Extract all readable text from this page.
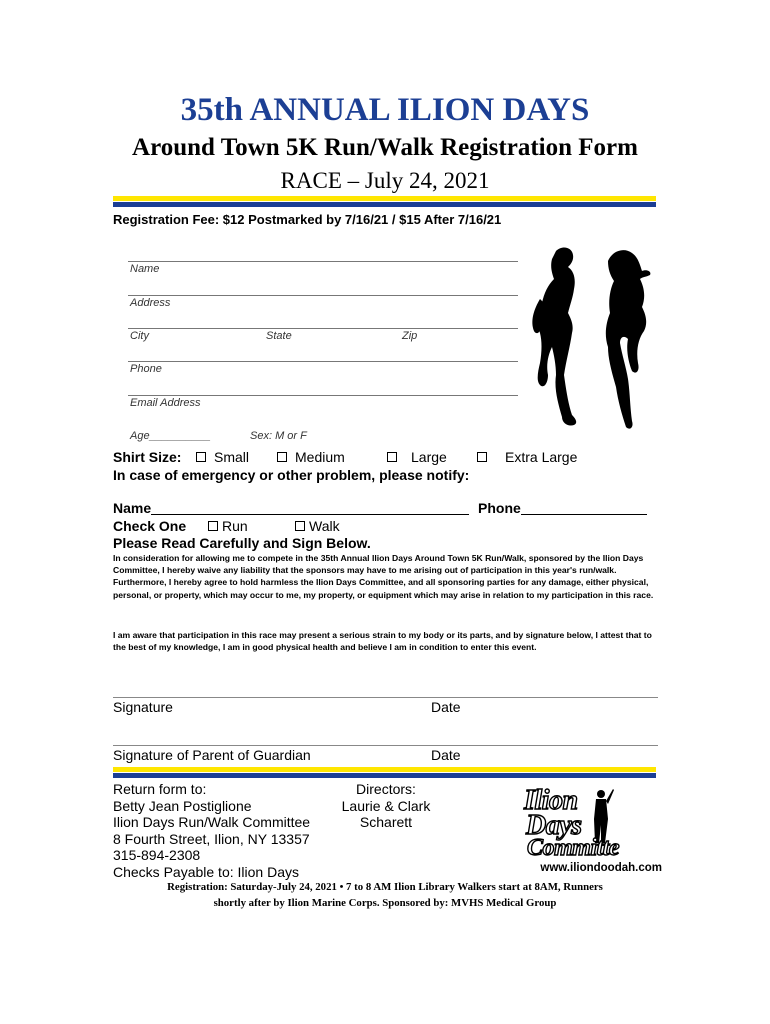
35th ANNUAL ILION DAYS
Around Town 5K Run/Walk Registration Form
RACE – July 24, 2021
Registration Fee: $12 Postmarked by 7/16/21 / $15 After 7/16/21
Name
Address
City	State	Zip
Phone
Email Address
Age__________	Sex: M or F
Shirt Size:	Small	Medium	Large	Extra Large
In case of emergency or other problem, please notify:
Name	Phone
Check One	Run	Walk
Please Read Carefully and Sign Below.
In consideration for allowing me to compete in the 35th Annual Ilion Days Around Town 5K Run/Walk, sponsored by the Ilion Days Committee, I hereby waive any liability that the sponsors may have to me arising out of participation in this year's run/walk. Furthermore, I hereby agree to hold harmless the Ilion Days Committee, and all sponsoring parties for any damage, either physical, personal, or property, which may occur to me, my property, or equipment which may arise in relation to my participation in this race.
I am aware that participation in this race may present a serious strain to my body or its parts, and by signature below, I attest that to the best of my knowledge, I am in good physical health and believe I am in condition to enter this event.
Signature	Date
Signature of Parent of Guardian	Date
Return form to:
Betty Jean Postiglione
Ilion Days Run/Walk Committee
8 Fourth Street, Ilion, NY 13357
315-894-2308
Checks Payable to: Ilion Days
Directors:
Laurie & Clark
Scharett
Ilion
Days
Committe
www.iliondoodah.com
Registration: Saturday-July 24, 2021 • 7 to 8 AM Ilion Library Walkers start at 8AM, Runners
shortly after by Ilion Marine Corps. Sponsored by: MVHS Medical Group
